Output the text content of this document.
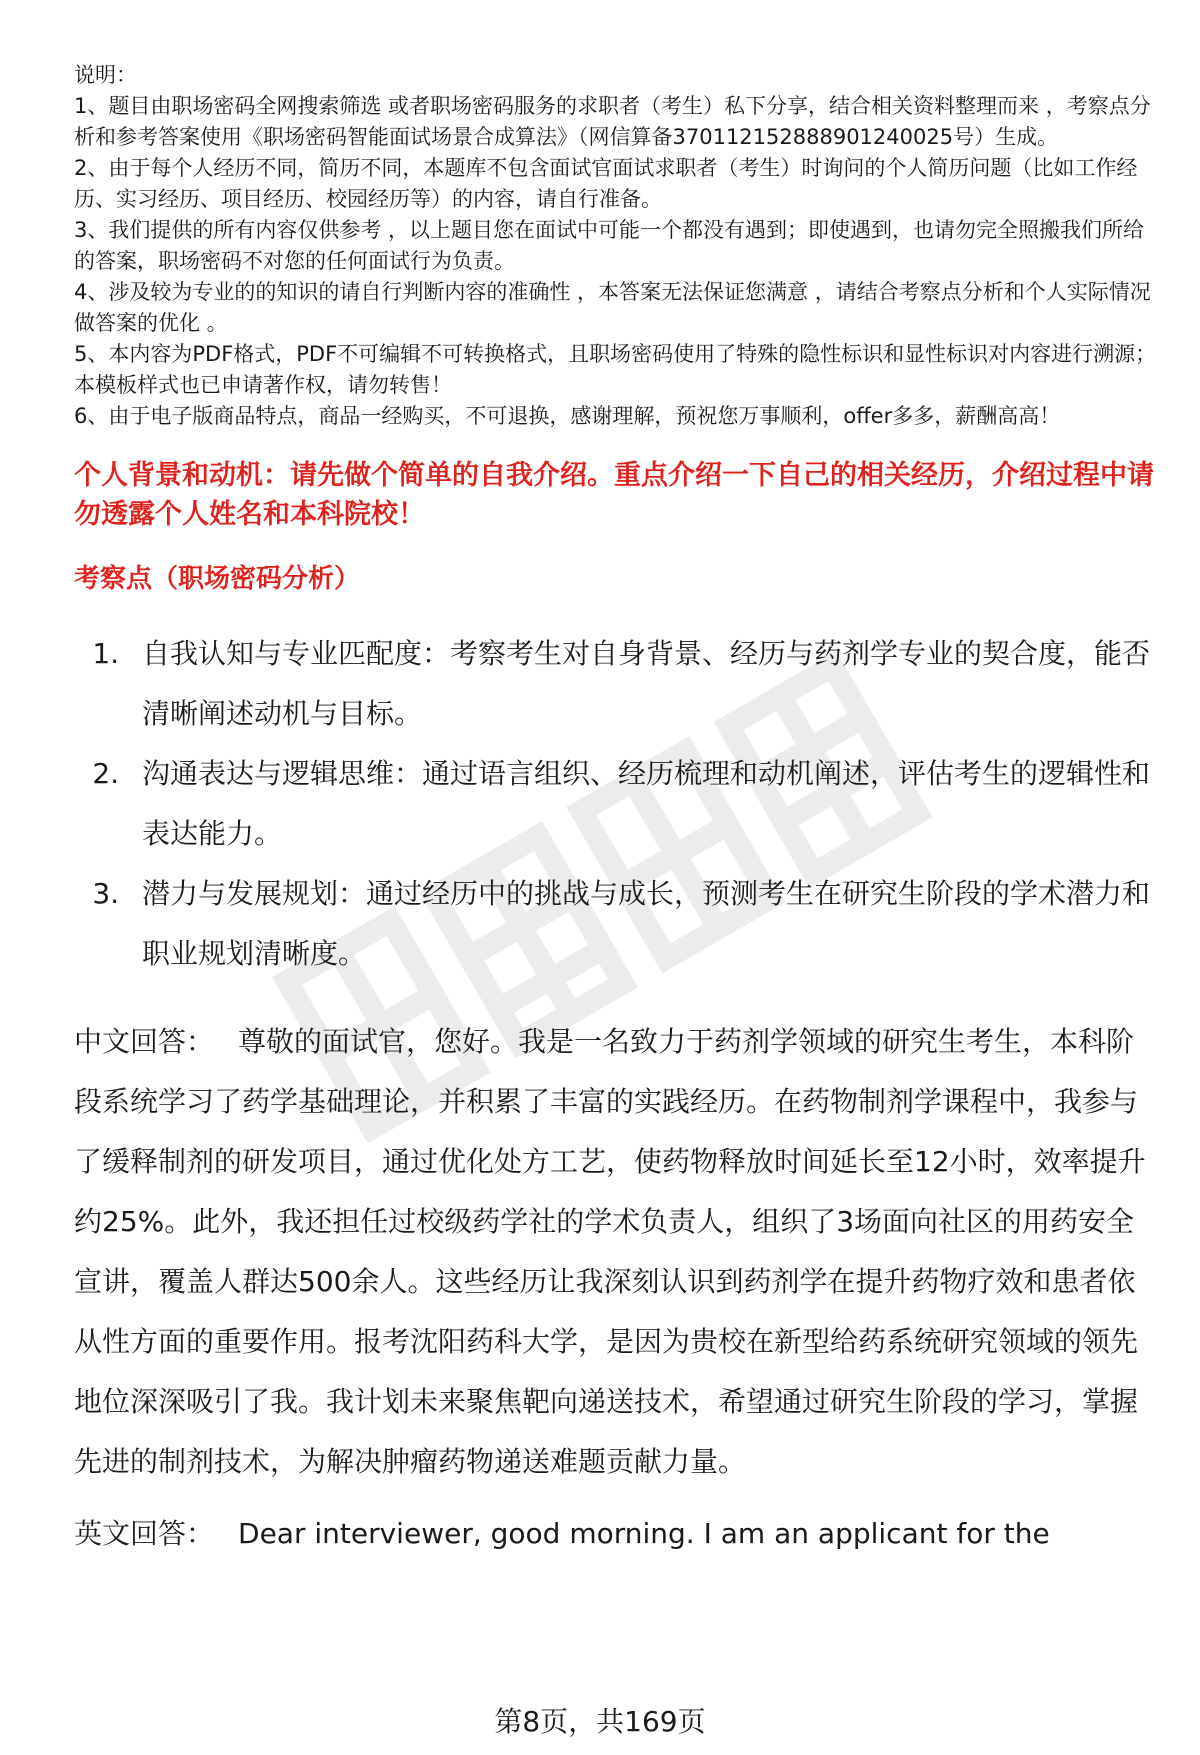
说明：

1、题目由职场密码全网搜索筛选 或者职场密码服务的求职者（考生）私下分享，结合相关资料整理而来 ，考察点分析和参考答案使用《职场密码智能面试场景合成算法》（网信算备370112152888901240025号）生成。

2、由于每个人经历不同，简历不同，本题库不包含面试官面试求职者（考生）时询问的个人简历问题（比如工作经历、实习经历、项目经历、校园经历等）的内容，请自行准备。

3、我们提供的所有内容仅供参考 ，以上题目您在面试中可能一个都没有遇到；即使遇到，也请勿完全照搬我们所给的答案，职场密码不对您的任何面试行为负责。

4、涉及较为专业的的知识的请自行判断内容的准确性 ，本答案无法保证您满意 ，请结合考察点分析和个人实际情况做答案的优化 。

5、本内容为PDF格式，PDF不可编辑不可转换格式，且职场密码使用了特殊的隐性标识和显性标识对内容进行溯源；本模板样式也已申请著作权，请勿转售！

6、由于电子版商品特点，商品一经购买，不可退换，感谢理解，预祝您万事顺利，offer多多，薪酬高高！

个人背景和动机：请先做个简单的自我介绍。重点介绍一下自己的相关经历，介绍过程中请勿透露个人姓名和本科院校！
考察点（职场密码分析）
1. 自我认知与专业匹配度：考察考生对自身背景、经历与药剂学专业的契合度，能否清晰阐述动机与目标。
2. 沟通表达与逻辑思维：通过语言组织、经历梳理和动机阐述，评估考生的逻辑性和表达能力。
3. 潜力与发展规划：通过经历中的挑战与成长，预测考生在研究生阶段的学术潜力和职业规划清晰度。
中文回答： 尊敬的面试官，您好。我是一名致力于药剂学领域的研究生考生，本科阶段系统学习了药学基础理论，并积累了丰富的实践经历。在药物制剂学课程中，我参与了缓释制剂的研发项目，通过优化处方工艺，使药物释放时间延长至12小时，效率提升约25%。此外，我还担任过校级药学社的学术负责人，组织了3场面向社区的用药安全宣讲，覆盖人群达500余人。这些经历让我深刻认识到药剂学在提升药物疗效和患者依从性方面的重要作用。报考沈阳药科大学，是因为贵校在新型给药系统研究领域的领先地位深深吸引了我。我计划未来聚焦靶向递送技术，希望通过研究生阶段的学习，掌握先进的制剂技术，为解决肿瘤药物递送难题贡献力量。
英文回答： Dear interviewer, good morning. I am an applicant for the
第8页，共169页
